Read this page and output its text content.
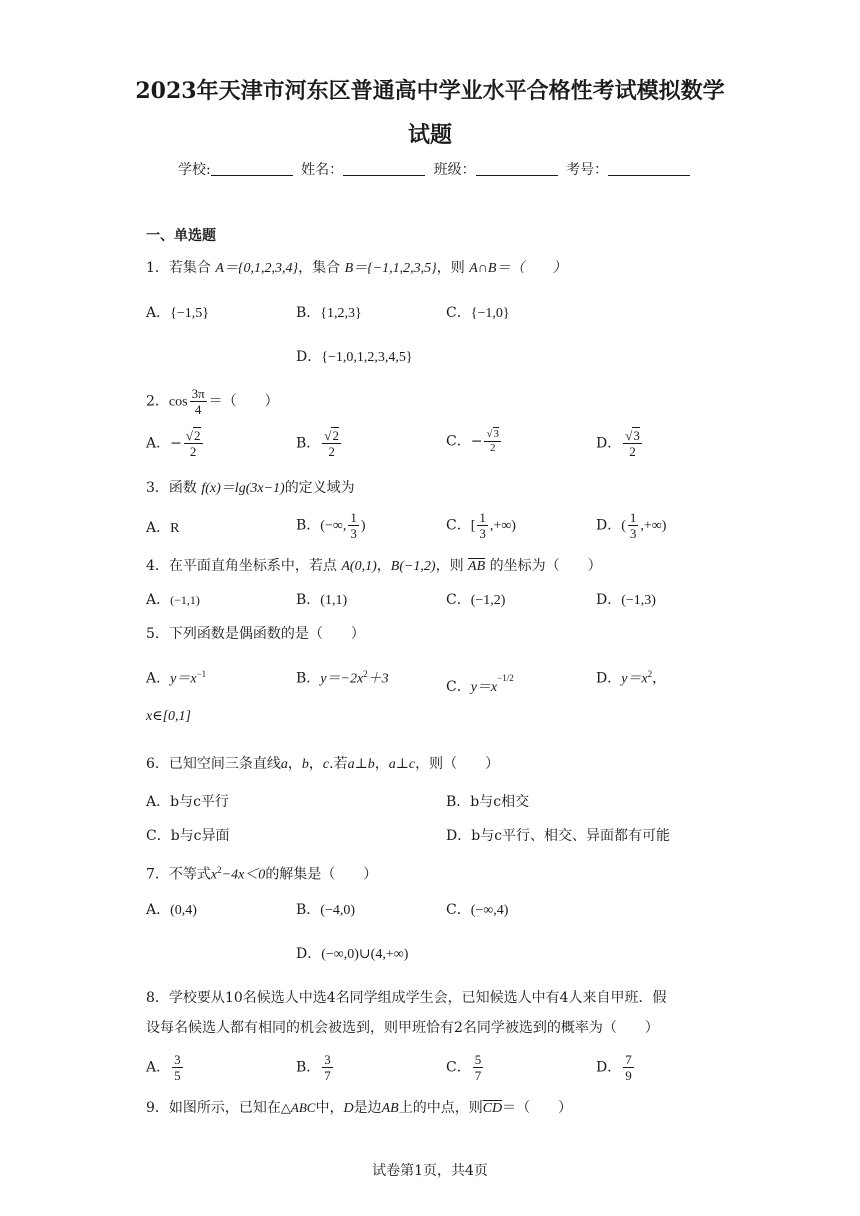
2023年天津市河东区普通高中学业水平合格性考试模拟数学
试题
学校:	姓名：	班级：	考号：
一、单选题
1．若集合 A＝{0,1,2,3,4}，集合 B＝{−1,1,2,3,5}，则 A∩B＝（　　）
A．{−1,5}	B．{1,2,3}	C．{−1,0}
D．{−1,0,1,2,3,4,5}
2．$\cos \frac{3\pi}{4}$ ＝（　　）
A．− $\frac{√2}{2}$	B． $\frac{√2}{2}$	C．− $\frac{√3}{2}$	D． $\frac{√3}{2}$
3．函数 f(x)＝lg(3x−1)的定义域为
A．R	B．(−∞, $\frac{1}{3}$ )	C．[ $\frac{1}{3}$ ,+∞)	D．( $\frac{1}{3}$ ,+∞)
4．在平面直角坐标系中，若点 A(0,1)，B(−1,2)，则 $\overline{AB}$ 的坐标为（　　）
A．(−1,1)	B．(1,1)	C．(−1,2)	D．(−1,3)
5．下列函数是偶函数的是（　　）
A．$y=x^{-1}$	B．$y=-2x^2+3$	C．$y=x^{-1/2}$	D．$y=x^2$，
x∈[0,1]
6．已知空间三条直线a，b，c.若a⊥b，a⊥c，则（　　）
A．b与c平行	B．b与c相交
C．b与c异面	D．b与c平行、相交、异面都有可能
7．不等式$x^2-4x<0$的解集是（　　）
A．(0,4)	B．(−4,0)	C．(−∞,4)
D．(−∞,0)∪(4,+∞)
8．学校要从10名候选人中选4名同学组成学生会，已知候选人中有4人来自甲班．假
设每名候选人都有相同的机会被选到，则甲班恰有2名同学被选到的概率为（　　）
A． $\frac{3}{5}$	B． $\frac{3}{7}$	C． $\frac{5}{7}$	D． $\frac{7}{9}$
9．如图所示，已知在△ABC中，D是边AB上的中点，则$\overline{CD}=$（　　）
试卷第1页，共4页
